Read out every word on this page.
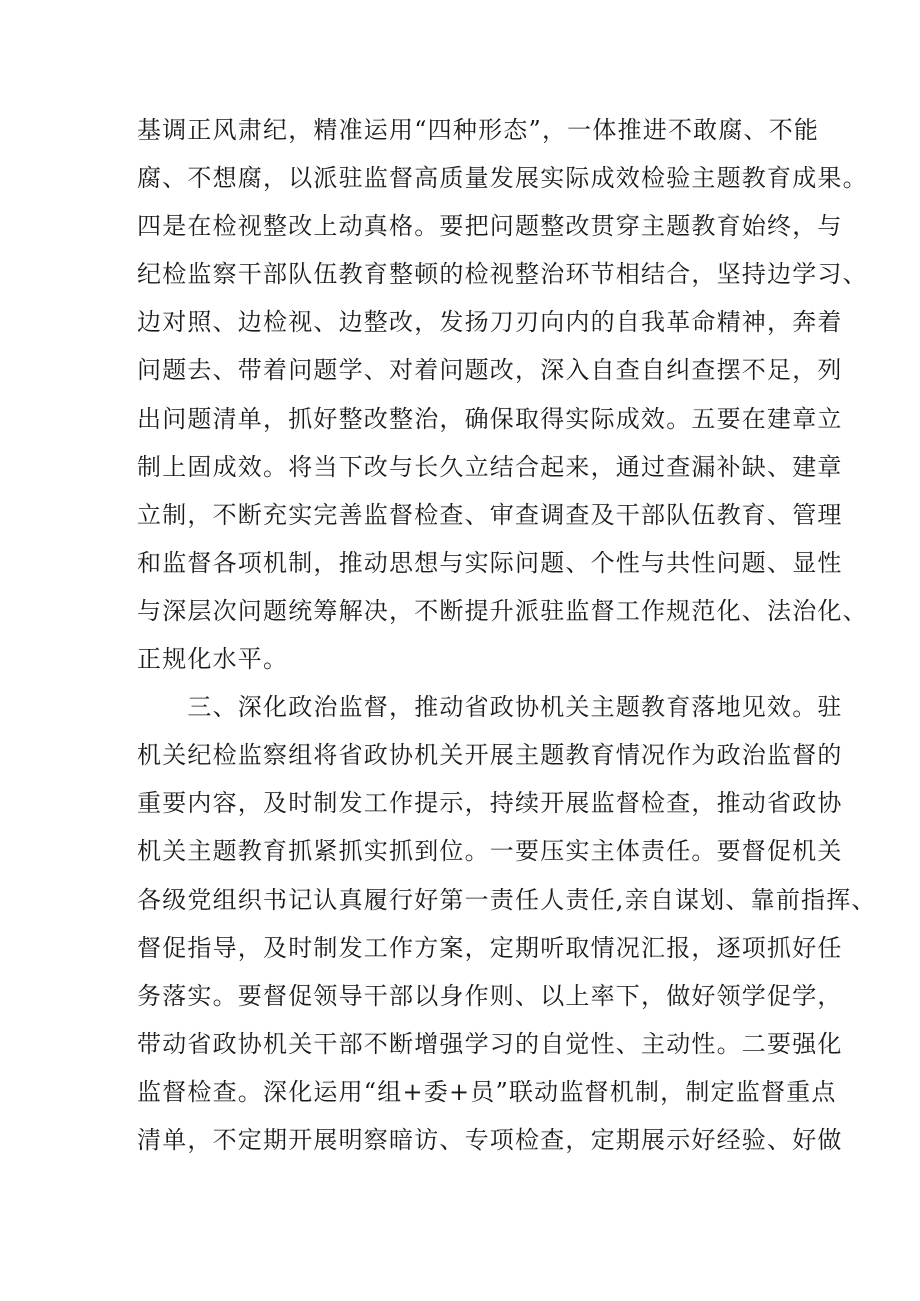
基调正风肃纪，精准运用“四种形态”，一体推进不敢腐、不能
腐、不想腐，以派驻监督高质量发展实际成效检验主题教育成果。
四是在检视整改上动真格。要把问题整改贯穿主题教育始终，与
纪检监察干部队伍教育整顿的检视整治环节相结合，坚持边学习、
边对照、边检视、边整改，发扬刀刃向内的自我革命精神，奔着
问题去、带着问题学、对着问题改，深入自查自纠查摆不足，列
出问题清单，抓好整改整治，确保取得实际成效。五要在建章立
制上固成效。将当下改与长久立结合起来，通过查漏补缺、建章
立制，不断充实完善监督检查、审查调查及干部队伍教育、管理
和监督各项机制，推动思想与实际问题、个性与共性问题、显性
与深层次问题统筹解决，不断提升派驻监督工作规范化、法治化、
正规化水平。
　　三、深化政治监督，推动省政协机关主题教育落地见效。驻
机关纪检监察组将省政协机关开展主题教育情况作为政治监督的
重要内容，及时制发工作提示，持续开展监督检查，推动省政协
机关主题教育抓紧抓实抓到位。一要压实主体责任。要督促机关
各级党组织书记认真履行好第一责任人责任,亲自谋划、靠前指挥、
督促指导，及时制发工作方案，定期听取情况汇报，逐项抓好任
务落实。要督促领导干部以身作则、以上率下，做好领学促学，
带动省政协机关干部不断增强学习的自觉性、主动性。二要强化
监督检查。深化运用“组+委+员”联动监督机制，制定监督重点
清单，不定期开展明察暗访、专项检查，定期展示好经验、好做
